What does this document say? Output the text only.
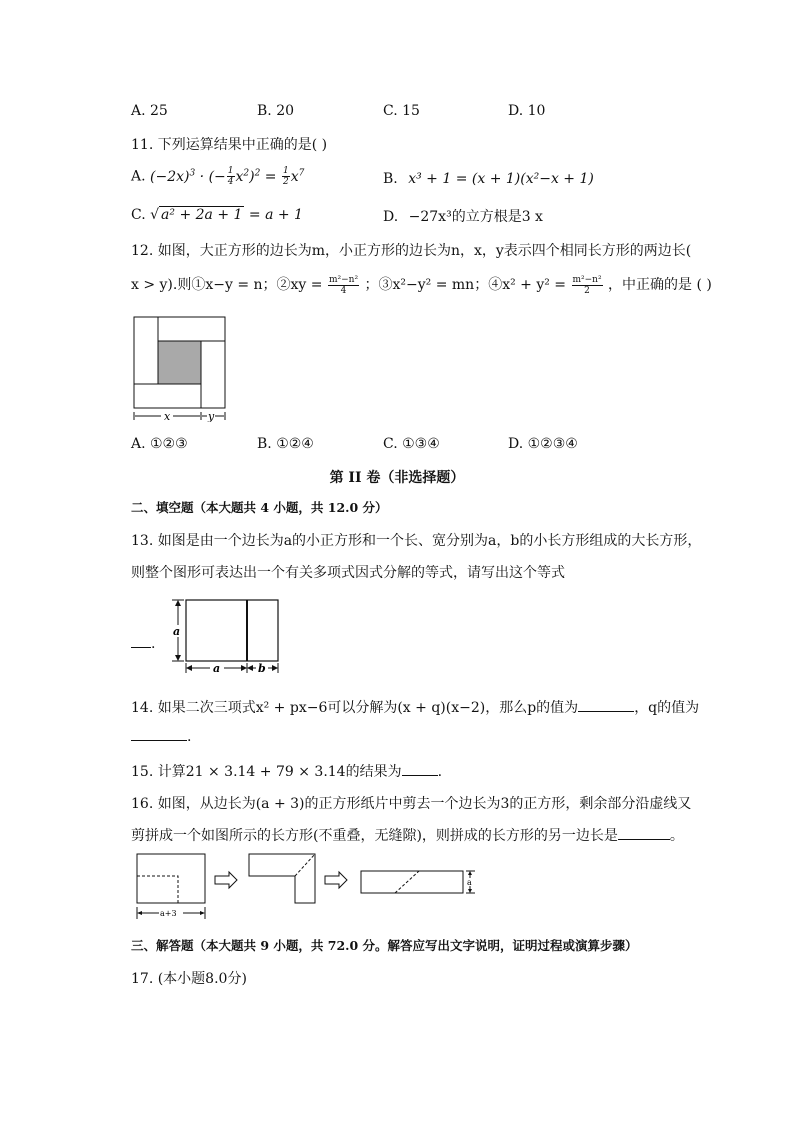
A. 25	B. 20	C. 15	D. 10
11. 下列运算结果中正确的是( )
A. $(-2x)^3$ · (− $\frac{1}{4} x^2)^2 = \frac{1}{2} x^7$	B. x³ + 1 = (x + 1)(x²−x + 1)
C. √ a² + 2a + 1 = a + 1	D. −27x³的立方根是3 x
12. 如图，大正方形的边长为m，小正方形的边长为n，x，y表示四个相同长方形的两边长(
x > y).则①x−y = n；②xy = $\frac{\text{m²−n²}}{4}$ ；③x²−y² = mn；④x² + $y^2 = \frac{\text{m²−n²}}{2}$ ，中正确的是 ( )
x	y
A. ①②③	B. ①②④	C. ①③④	D. ①②③④
第 II 卷（非选择题）
二、填空题（本大题共 4 小题，共 12.0 分）
13. 如图是由一个边长为a的小正方形和一个长、宽分别为a，b的小长方形组成的大长方形，
则整个图形可表达出一个有关多项式因式分解的等式，请写出这个等式
.
a
a	b
14. 如果二次三项式x² + px−6可以分解为(x + q)(x−2)，那么p的值为	，q的值为
.
15. 计算21 × 3.14 + 79 × 3.14的结果为	.
16. 如图，从边长为(a + 3)的正方形纸片中剪去一个边长为3的正方形，剩余部分沿虚线又
剪拼成一个如图所示的长方形(不重叠，无缝隙)，则拼成的长方形的另一边长是	。
a+3
a
三、解答题（本大题共 9 小题，共 72.0 分。解答应写出文字说明，证明过程或演算步骤）
17. (本小题8.0分)
